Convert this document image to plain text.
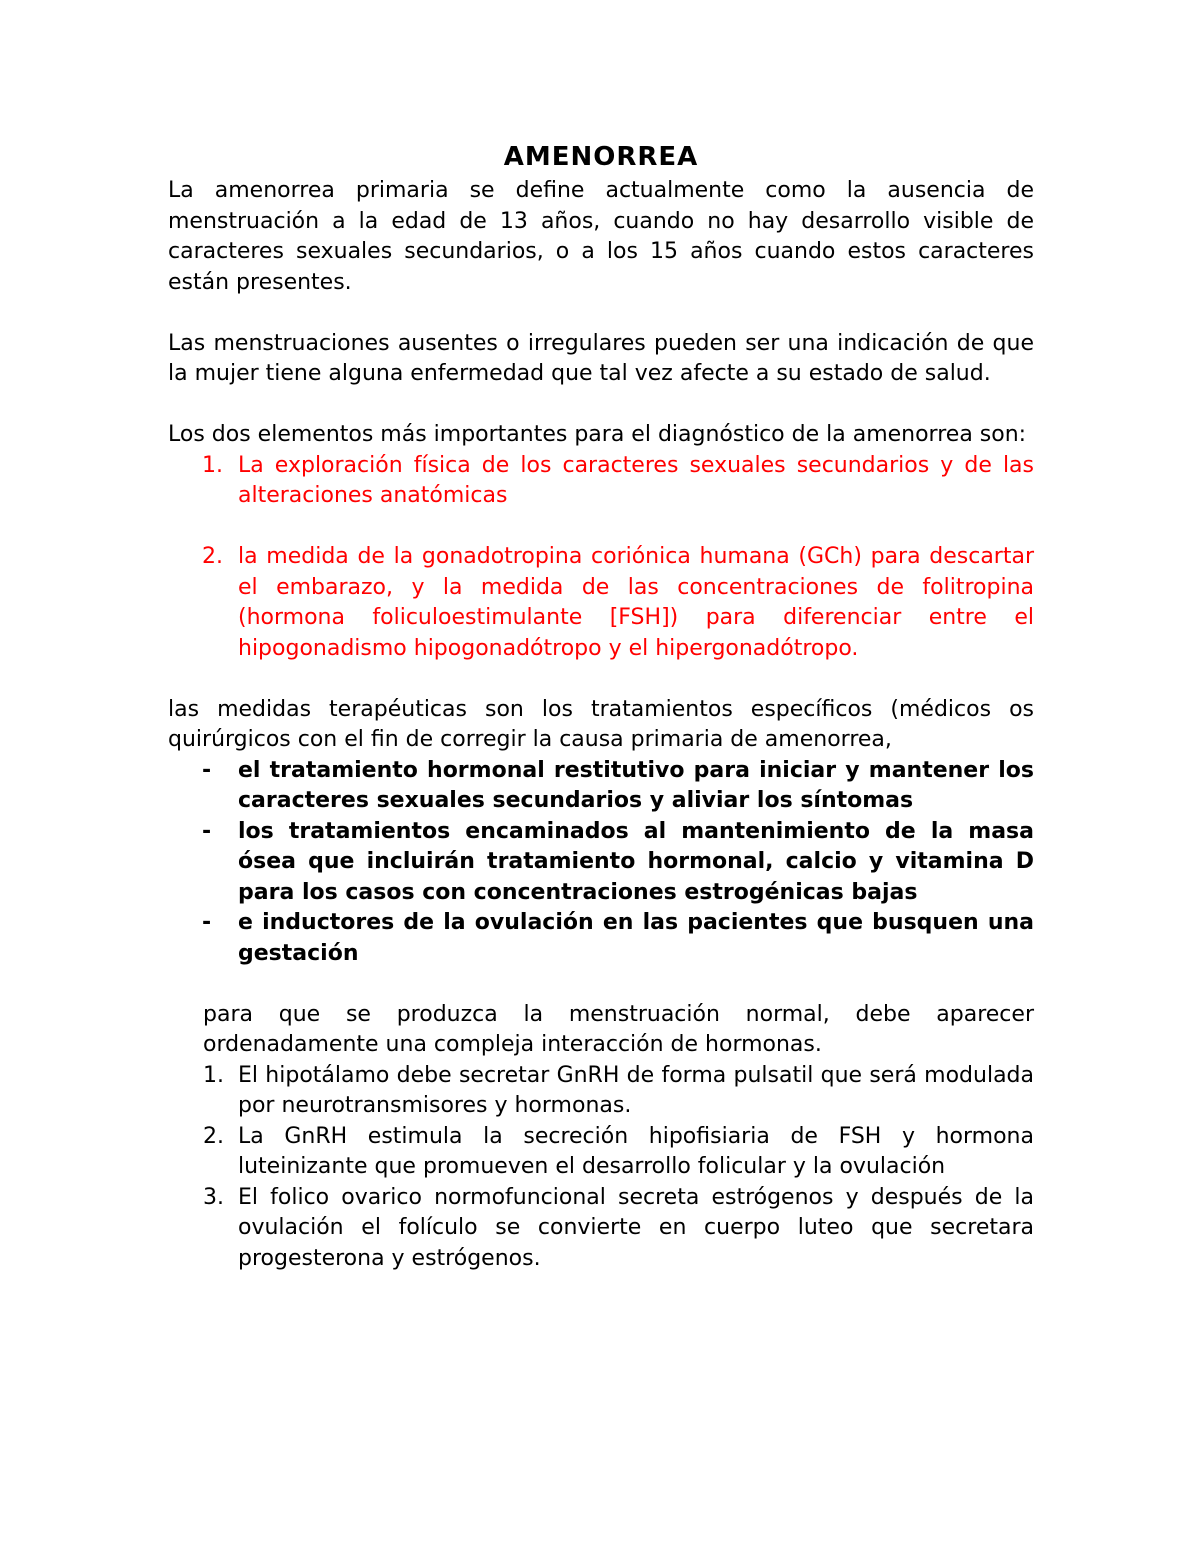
AMENORREA

La amenorrea primaria se define actualmente como la ausencia de menstruación a la edad de 13 años, cuando no hay desarrollo visible de caracteres sexuales secundarios, o a los 15 años cuando estos caracteres están presentes.

Las menstruaciones ausentes o irregulares pueden ser una indicación de que la mujer tiene alguna enfermedad que tal vez afecte a su estado de salud.

Los dos elementos más importantes para el diagnóstico de la amenorrea son:

1. La exploración física de los caracteres sexuales secundarios y de las alteraciones anatómicas
2. la medida de la gonadotropina coriónica humana (GCh) para descartar el embarazo, y la medida de las concentraciones de folitropina (hormona foliculoestimulante [FSH]) para diferenciar entre el hipogonadismo hipogonadótropo y el hipergonadótropo.

las medidas terapéuticas son los tratamientos específicos (médicos os quirúrgicos con el fin de corregir la causa primaria de amenorrea,

- el tratamiento hormonal restitutivo para iniciar y mantener los caracteres sexuales secundarios y aliviar los síntomas
- los tratamientos encaminados al mantenimiento de la masa ósea que incluirán tratamiento hormonal, calcio y vitamina D para los casos con concentraciones estrogénicas bajas
- e inductores de la ovulación en las pacientes que busquen una gestación

para que se produzca la menstruación normal, debe aparecer ordenadamente una compleja interacción de hormonas.

1. El hipotálamo debe secretar GnRH de forma pulsatil que será modulada por neurotransmisores y hormonas.
2. La GnRH estimula la secreción hipofisiaria de FSH y hormona luteinizante que promueven el desarrollo folicular y la ovulación
3. El folico ovarico normofuncional secreta estrógenos y después de la ovulación el folículo se convierte en cuerpo luteo que secretara progesterona y estrógenos.
